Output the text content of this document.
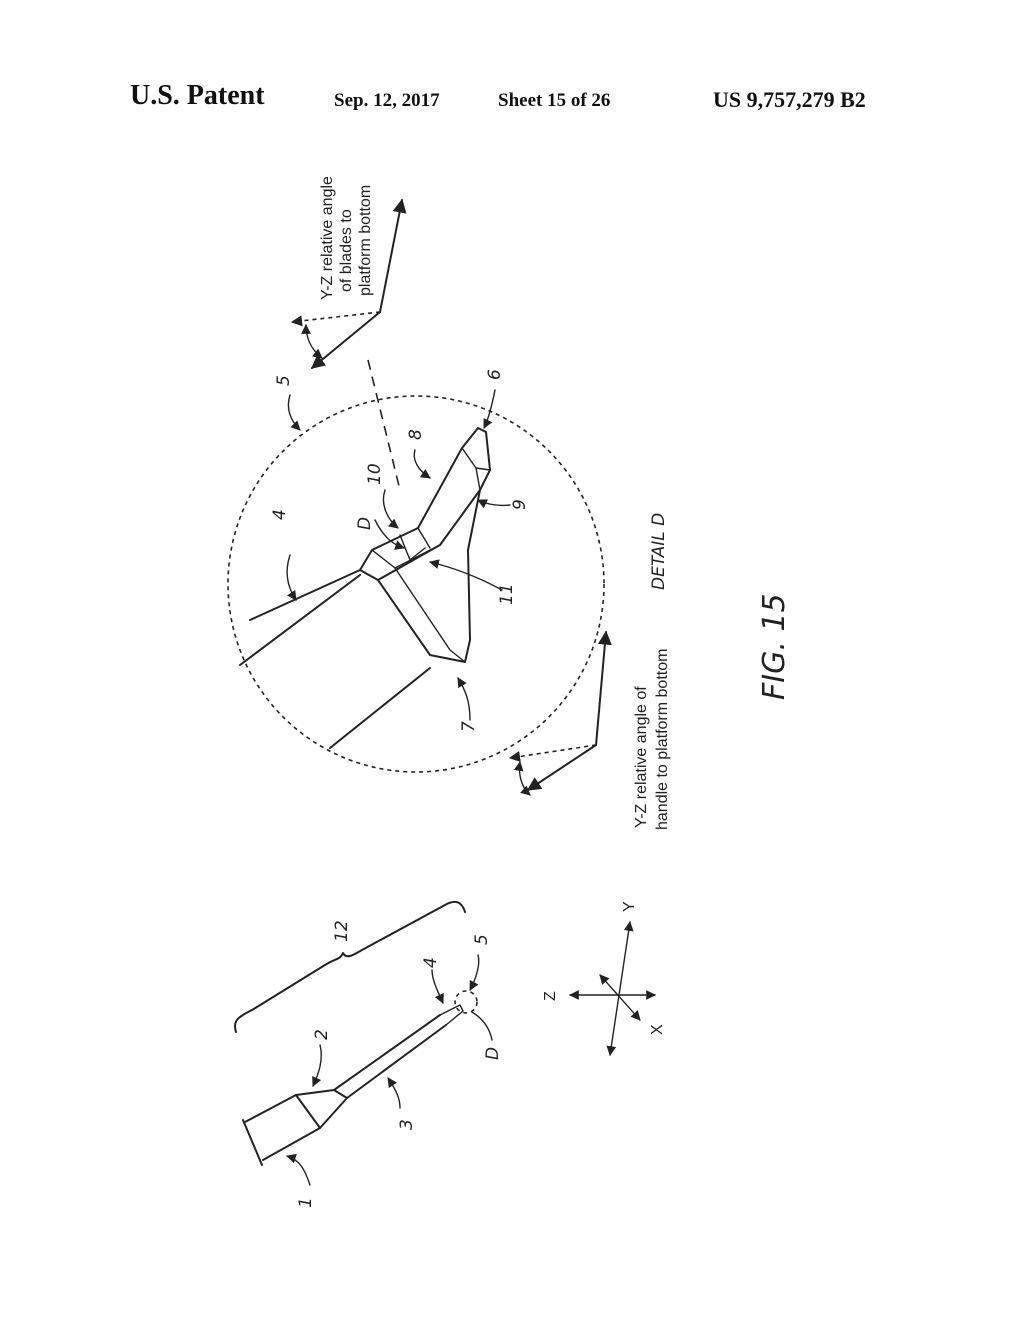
U.S. Patent	Sep. 12, 2017	Sheet 15 of 26	US 9,757,279 B2
1
2
3
4
5
12
D
Y
Z
X
4
5
6
7
8
9
10
11
D
Y-Z relative angle of blades to platform bottom
Y-Z relative angle of handle to platform bottom
DETAIL D
FIG. 15
